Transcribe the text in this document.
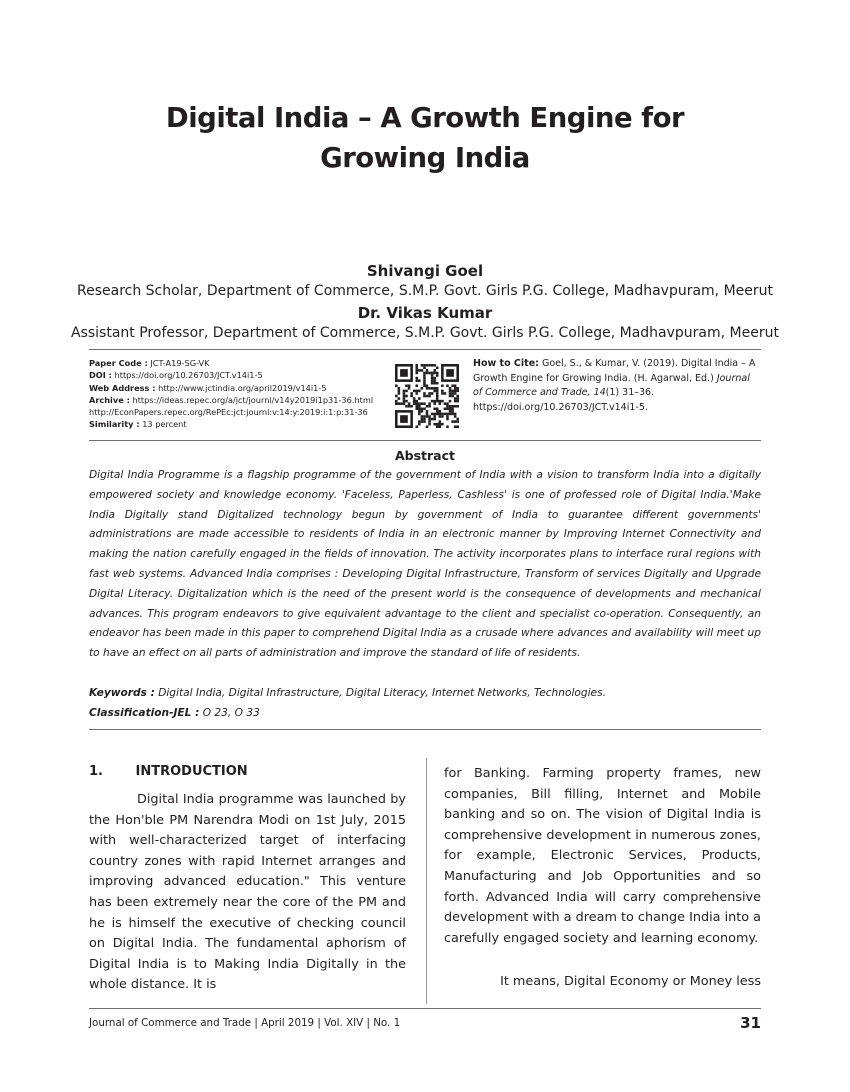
Digital India – A Growth Engine for
Growing India
Shivangi Goel
Research Scholar, Department of Commerce, S.M.P. Govt. Girls P.G. College, Madhavpuram, Meerut
Dr. Vikas Kumar
Assistant Professor, Department of Commerce, S.M.P. Govt. Girls P.G. College, Madhavpuram, Meerut
Paper Code : JCT-A19-SG-VK
DOI : https://doi.org/10.26703/JCT.v14i1-5
Web Address : http://www.jctindia.org/april2019/v14i1-5
Archive : https://ideas.repec.org/a/jct/journl/v14y2019i1p31-36.html
http://EconPapers.repec.org/RePEc:jct:journl:v:14:y:2019:i:1:p:31-36
Similarity : 13 percent
How to Cite: Goel, S., & Kumar, V. (2019). Digital India – A Growth Engine for Growing India. (H. Agarwal, Ed.) Journal of Commerce and Trade, 14(1) 31–36.
https://doi.org/10.26703/JCT.v14i1-5.
Abstract
Digital India Programme is a flagship programme of the government of India with a vision to transform India into a digitally empowered society and knowledge economy. 'Faceless, Paperless, Cashless' is one of professed role of Digital India.'Make India Digitally stand Digitalized technology begun by government of India to guarantee different governments' administrations are made accessible to residents of India in an electronic manner by Improving Internet Connectivity and making the nation carefully engaged in the fields of innovation. The activity incorporates plans to interface rural regions with fast web systems. Advanced India comprises : Developing Digital Infrastructure, Transform of services Digitally and Upgrade Digital Literacy. Digitalization which is the need of the present world is the consequence of developments and mechanical advances. This program endeavors to give equivalent advantage to the client and specialist co-operation. Consequently, an endeavor has been made in this paper to comprehend Digital India as a crusade where advances and availability will meet up to have an effect on all parts of administration and improve the standard of life of residents.
Keywords : Digital India, Digital Infrastructure, Digital Literacy, Internet Networks, Technologies.
Classification-JEL : O 23, O 33
1.	INTRODUCTION
Digital India programme was launched by the Hon'ble PM Narendra Modi on 1st July, 2015 with well-characterized target of interfacing country zones with rapid Internet arranges and improving advanced education." This venture has been extremely near the core of the PM and he is himself the executive of checking council on Digital India. The fundamental aphorism of Digital India is to Making India Digitally in the whole distance. It is
for Banking. Farming property frames, new companies, Bill filling, Internet and Mobile banking and so on. The vision of Digital India is comprehensive development in numerous zones, for example, Electronic Services, Products, Manufacturing and Job Opportunities and so forth. Advanced India will carry comprehensive development with a dream to change India into a carefully engaged society and learning economy.
It means, Digital Economy or Money less
Journal of Commerce and Trade | April 2019 | Vol. XIV | No. 1	31
